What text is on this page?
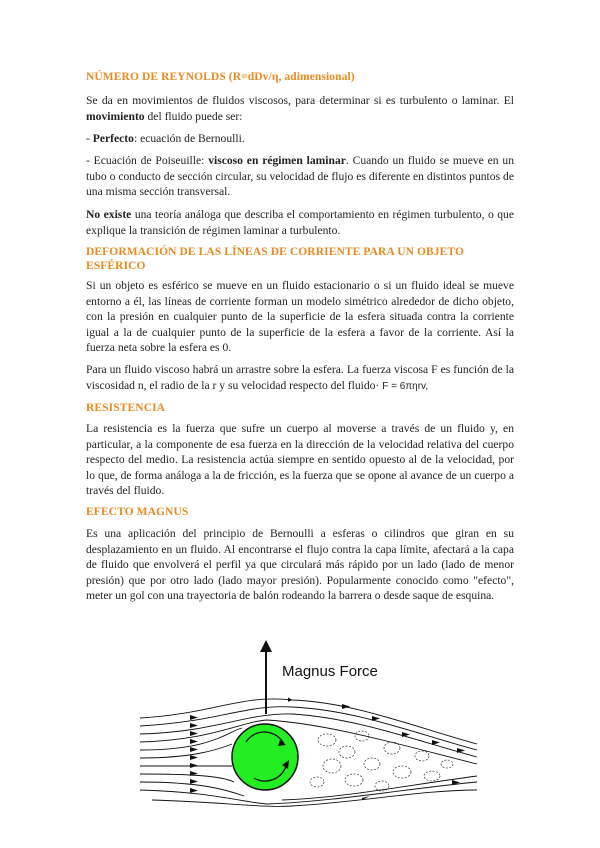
NÚMERO DE REYNOLDS (R=dDv/η, adimensional)

Se da en movimientos de fluidos viscosos, para determinar si es turbulento o laminar. El movimiento del fluido puede ser:

- Perfecto: ecuación de Bernoulli.

- Ecuación de Poiseuille: viscoso en régimen laminar. Cuando un fluido se mueve en un tubo o conducto de sección circular, su velocidad de flujo es diferente en distintos puntos de una misma sección transversal.

No existe una teoría análoga que describa el comportamiento en régimen turbulento, o que explique la transición de régimen laminar a turbulento.

DEFORMACIÓN DE LAS LÍNEAS DE CORRIENTE PARA UN OBJETO ESFÉRICO

Si un objeto es esférico se mueve en un fluido estacionario o si un fluido ideal se mueve entorno a él, las líneas de corriente forman un modelo simétrico alrededor de dicho objeto, con la presión en cualquier punto de la superficie de la esfera situada contra la corriente igual a la de cualquier punto de la superficie de la esfera a favor de la corriente. Así la fuerza neta sobre la esfera es 0.

Para un fluido viscoso habrá un arrastre sobre la esfera. La fuerza viscosa F es función de la viscosidad n, el radio de la r y su velocidad respecto del fluido· F = 6πηrv,

RESISTENCIA

La resistencia es la fuerza que sufre un cuerpo al moverse a través de un fluido y, en particular, a la componente de esa fuerza en la dirección de la velocidad relativa del cuerpo respecto del medio. La resistencia actúa siempre en sentido opuesto al de la velocidad, por lo que, de forma análoga a la de fricción, es la fuerza que se opone al avance de un cuerpo a través del fluido.

EFECTO MAGNUS

Es una aplicación del principio de Bernoulli a esferas o cilindros que giran en su desplazamiento en un fluido. Al encontrarse el flujo contra la capa límite, afectará a la capa de fluido que envolverá el perfil ya que circulará más rápido por un lado (lado de menor presión) que por otro lado (lado mayor presión). Popularmente conocido como "efecto", meter un gol con una trayectoria de balón rodeando la barrera o desde saque de esquina.

Magnus Force
